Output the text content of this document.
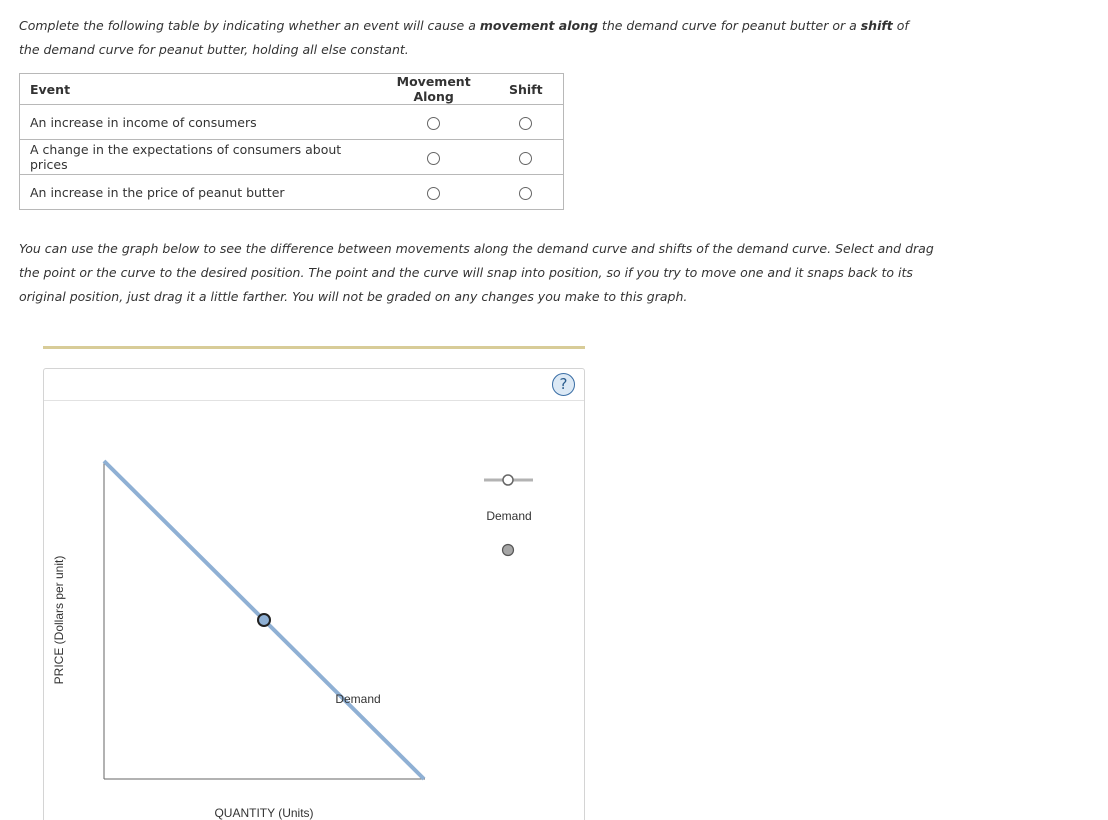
Complete the following table by indicating whether an event will cause a movement along the demand curve for peanut butter or a shift of the demand curve for peanut butter, holding all else constant.
Event	Movement Along	Shift
An increase in income of consumers		
A change in the expectations of consumers about prices		
An increase in the price of peanut butter		
You can use the graph below to see the difference between movements along the demand curve and shifts of the demand curve. Select and drag the point or the curve to the desired position. The point and the curve will snap into position, so if you try to move one and it snaps back to its original position, just drag it a little farther. You will not be graded on any changes you make to this graph.
?
PRICE (Dollars per unit)
QUANTITY (Units)
Demand
Demand
